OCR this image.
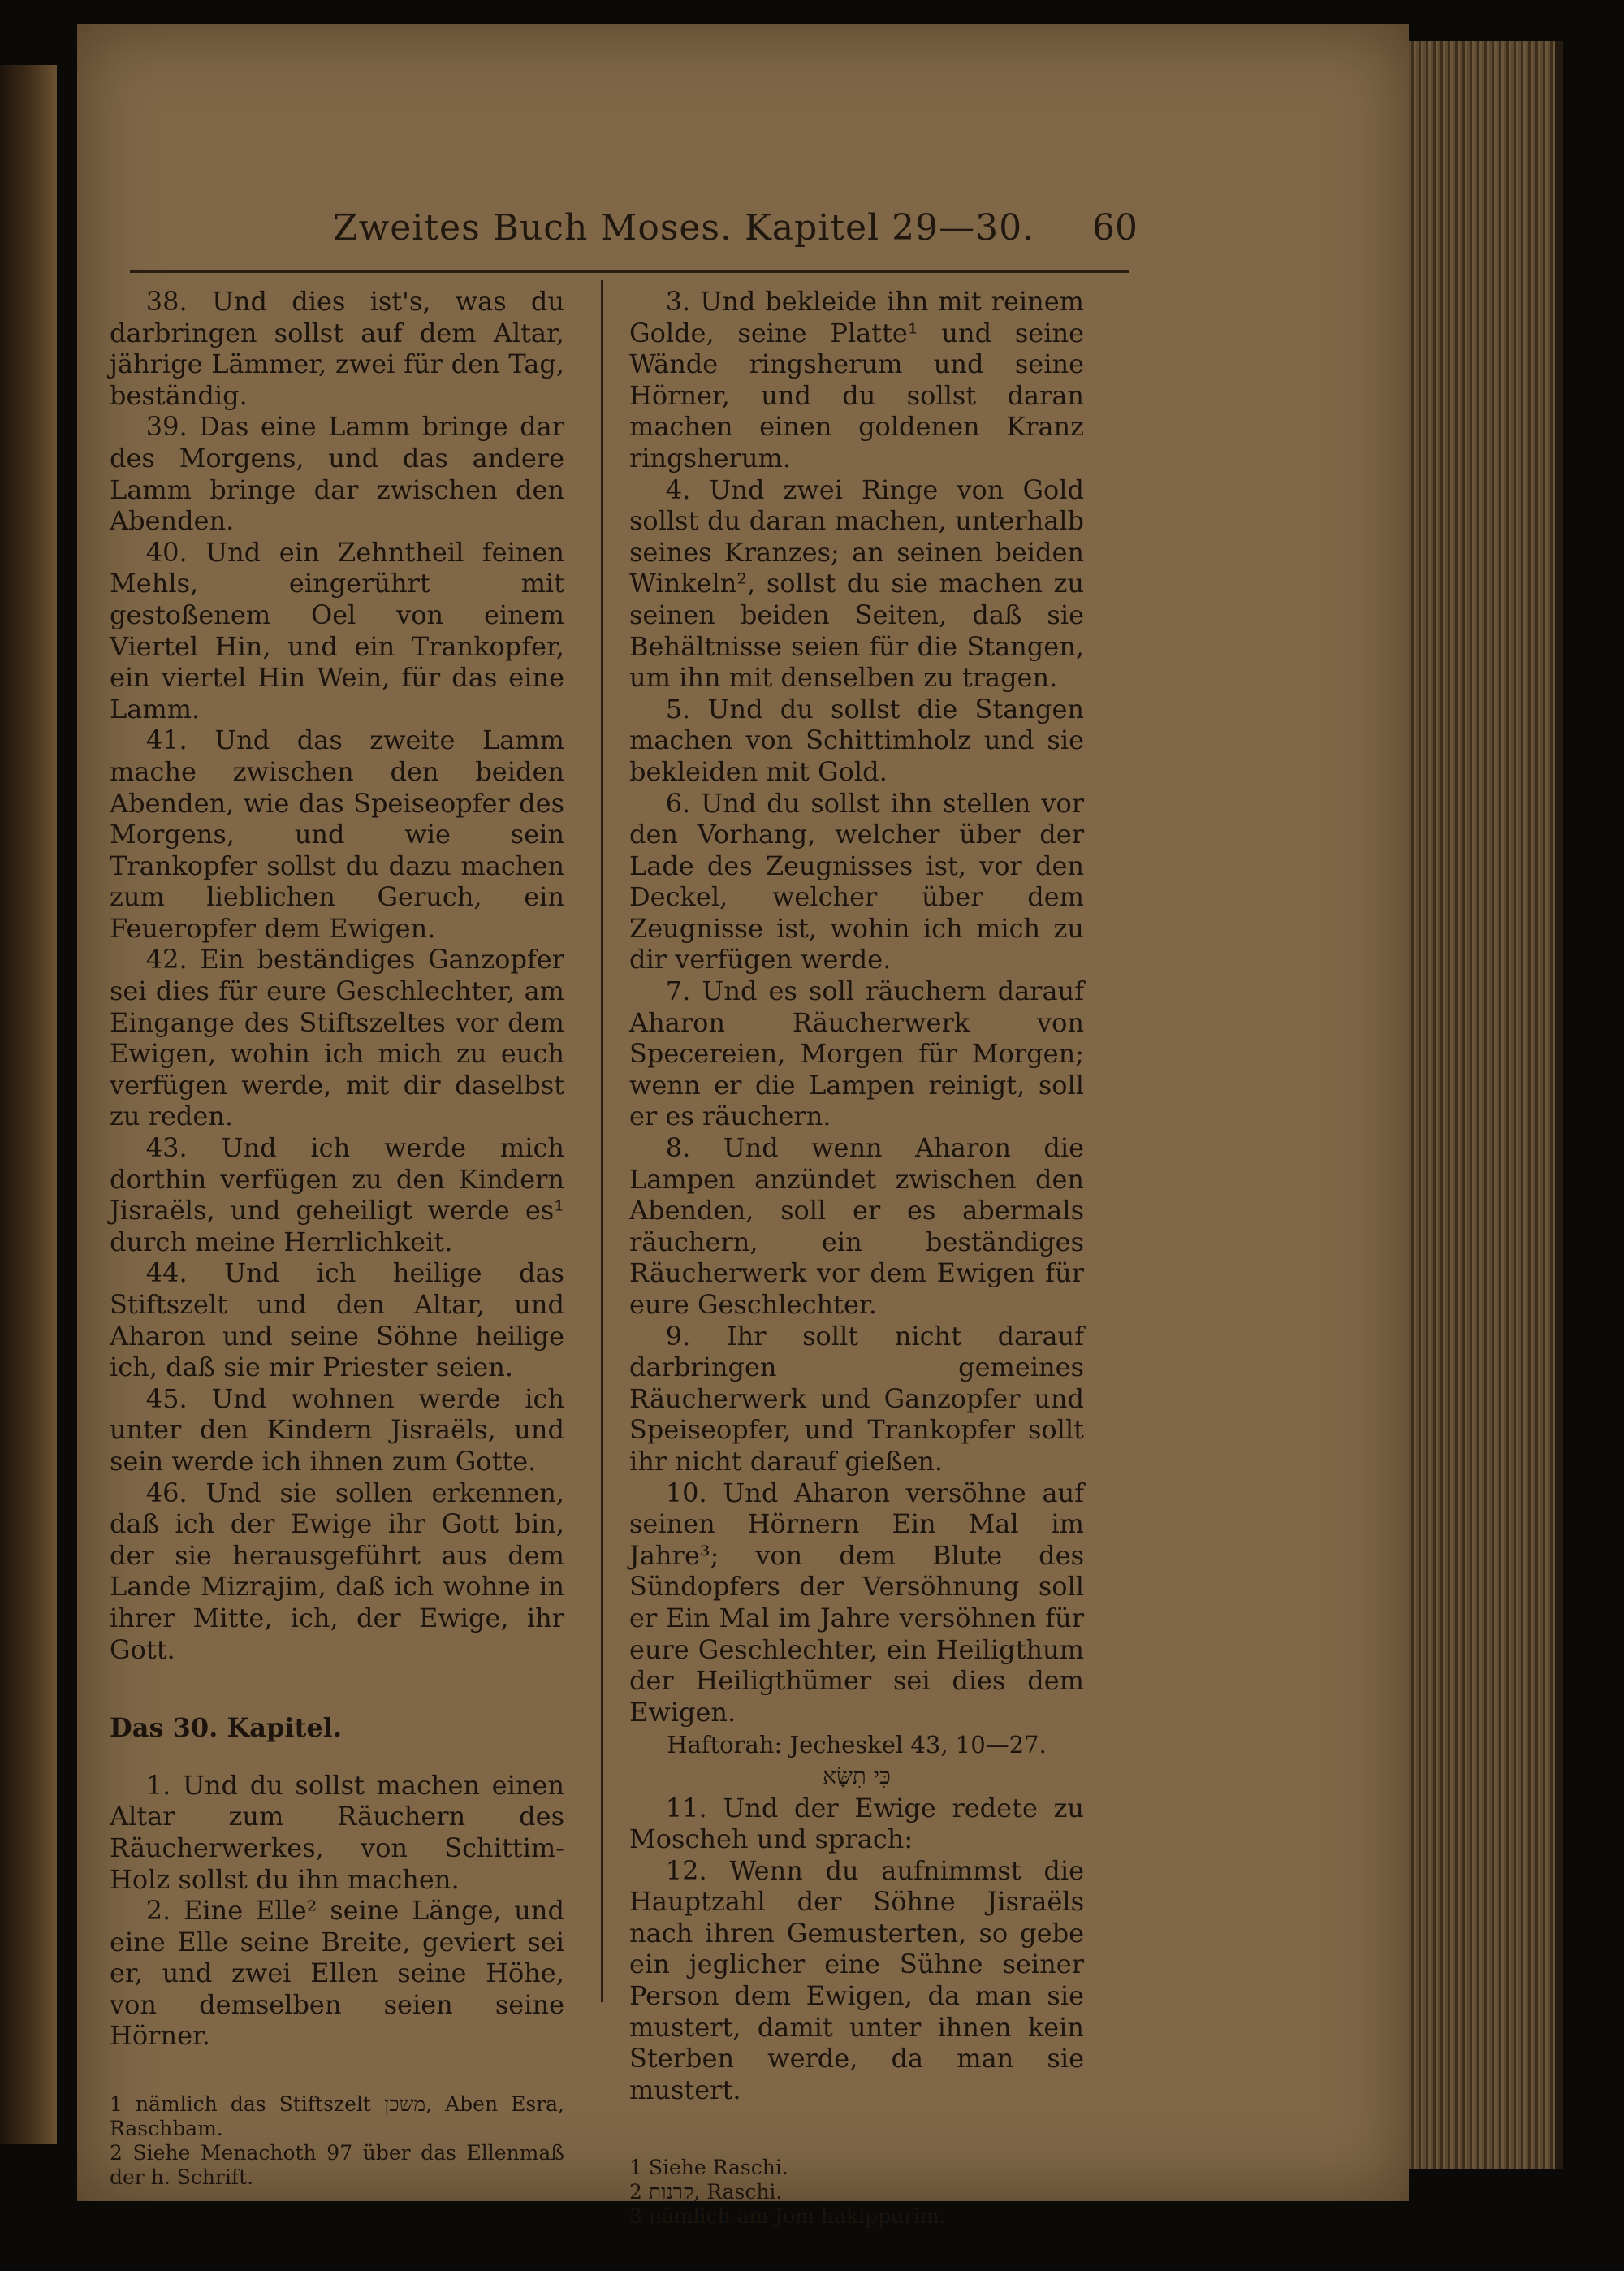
Zweites Buch Moses. Kapitel 29—30.	60

38. Und dies ist's, was du darbringen sollst auf dem Altar, jährige Lämmer, zwei für den Tag, beständig.

39. Das eine Lamm bringe dar des Morgens, und das andere Lamm bringe dar zwischen den Abenden.

40. Und ein Zehntheil feinen Mehls, eingerührt mit gestoßenem Oel von einem Viertel Hin, und ein Trankopfer, ein viertel Hin Wein, für das eine Lamm.

41. Und das zweite Lamm mache zwischen den beiden Abenden, wie das Speiseopfer des Morgens, und wie sein Trankopfer sollst du dazu machen zum lieblichen Geruch, ein Feueropfer dem Ewigen.

42. Ein beständiges Ganzopfer sei dies für eure Geschlechter, am Eingange des Stiftszeltes vor dem Ewigen, wohin ich mich zu euch verfügen werde, mit dir daselbst zu reden.

43. Und ich werde mich dorthin verfügen zu den Kindern Jisraëls, und geheiligt werde es¹ durch meine Herrlichkeit.

44. Und ich heilige das Stiftszelt und den Altar, und Aharon und seine Söhne heilige ich, daß sie mir Priester seien.

45. Und wohnen werde ich unter den Kindern Jisraëls, und sein werde ich ihnen zum Gotte.

46. Und sie sollen erkennen, daß ich der Ewige ihr Gott bin, der sie herausgeführt aus dem Lande Mizrajim, daß ich wohne in ihrer Mitte, ich, der Ewige, ihr Gott.

Das 30. Kapitel.

1. Und du sollst machen einen Altar zum Räuchern des Räucherwerkes, von Schittim-Holz sollst du ihn machen.

2. Eine Elle² seine Länge, und eine Elle seine Breite, geviert sei er, und zwei Ellen seine Höhe, von demselben seien seine Hörner.

1 nämlich das Stiftszelt משכן, Aben Esra, Raschbam.

2 Siehe Menachoth 97 über das Ellenmaß der h. Schrift.

3. Und bekleide ihn mit reinem Golde, seine Platte¹ und seine Wände ringsherum und seine Hörner, und du sollst daran machen einen goldenen Kranz ringsherum.

4. Und zwei Ringe von Gold sollst du daran machen, unterhalb seines Kranzes; an seinen beiden Winkeln², sollst du sie machen zu seinen beiden Seiten, daß sie Behältnisse seien für die Stangen, um ihn mit denselben zu tragen.

5. Und du sollst die Stangen machen von Schittimholz und sie bekleiden mit Gold.

6. Und du sollst ihn stellen vor den Vorhang, welcher über der Lade des Zeugnisses ist, vor den Deckel, welcher über dem Zeugnisse ist, wohin ich mich zu dir verfügen werde.

7. Und es soll räuchern darauf Aharon Räucherwerk von Specereien, Morgen für Morgen; wenn er die Lampen reinigt, soll er es räuchern.

8. Und wenn Aharon die Lampen anzündet zwischen den Abenden, soll er es abermals räuchern, ein beständiges Räucherwerk vor dem Ewigen für eure Geschlechter.

9. Ihr sollt nicht darauf darbringen gemeines Räucherwerk und Ganzopfer und Speiseopfer, und Trankopfer sollt ihr nicht darauf gießen.

10. Und Aharon versöhne auf seinen Hörnern Ein Mal im Jahre³; von dem Blute des Sündopfers der Versöhnung soll er Ein Mal im Jahre versöhnen für eure Geschlechter, ein Heiligthum der Heiligthümer sei dies dem Ewigen.

Haftorah: Jecheskel 43, 10—27.

כִּי תִשָּׂא

11. Und der Ewige redete zu Moscheh und sprach:

12. Wenn du aufnimmst die Hauptzahl der Söhne Jisraëls nach ihren Gemusterten, so gebe ein jeglicher eine Sühne seiner Person dem Ewigen, da man sie mustert, damit unter ihnen kein Sterben werde, da man sie mustert.

1 Siehe Raschi.

2 קרנות, Raschi.

3 nämlich am Jom hakippurim.
